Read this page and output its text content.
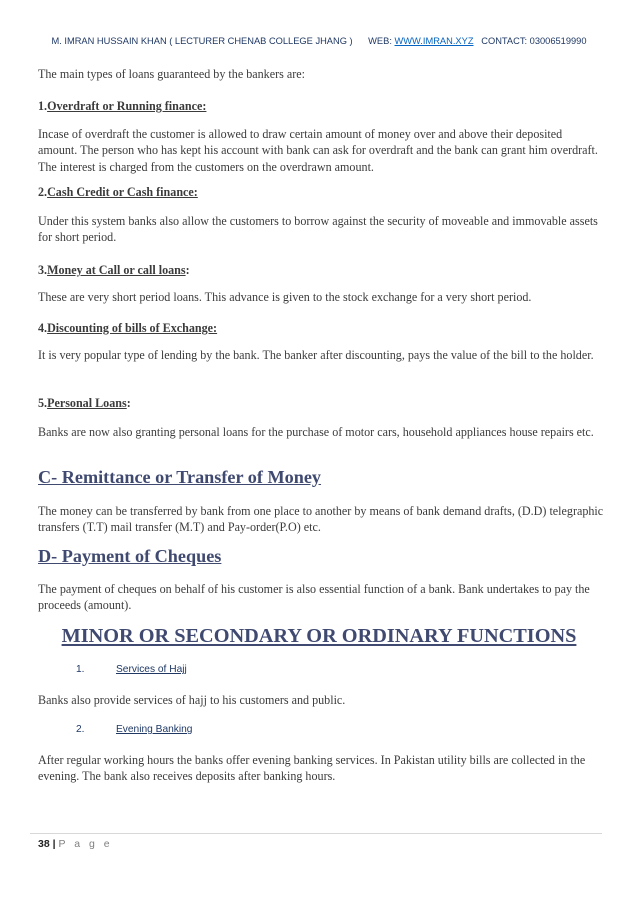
M. IMRAN HUSSAIN KHAN ( LECTURER CHENAB COLLEGE JHANG ) WEB: WWW.IMRAN.XYZ CONTACT: 03006519990

The main types of loans guaranteed by the bankers are:

1.Overdraft or Running finance:

Incase of overdraft the customer is allowed to draw certain amount of money over and above their deposited amount. The person who has kept his account with bank can ask for overdraft and the bank can grant him overdraft. The interest is charged from the customers on the overdrawn amount.

2.Cash Credit or Cash finance:

Under this system banks also allow the customers to borrow against the security of moveable and immovable assets for short period.

3.Money at Call or call loans:

These are very short period loans. This advance is given to the stock exchange for a very short period.

4.Discounting of bills of Exchange:

It is very popular type of lending by the bank. The banker after discounting, pays the value of the bill to the holder.

5.Personal Loans:

Banks are now also granting personal loans for the purchase of motor cars, household appliances house repairs etc.

C- Remittance or Transfer of Money

The money can be transferred by bank from one place to another by means of bank demand drafts, (D.D) telegraphic transfers (T.T) mail transfer (M.T) and Pay-order(P.O) etc.

D- Payment of Cheques

The payment of cheques on behalf of his customer is also essential function of a bank. Bank undertakes to pay the proceeds (amount).

MINOR OR SECONDARY OR ORDINARY FUNCTIONS

1.	Services of Hajj

Banks also provide services of hajj to his customers and public.

2.	Evening Banking

After regular working hours the banks offer evening banking services. In Pakistan utility bills are collected in the evening. The bank also receives deposits after banking hours.

38 | P a g e
